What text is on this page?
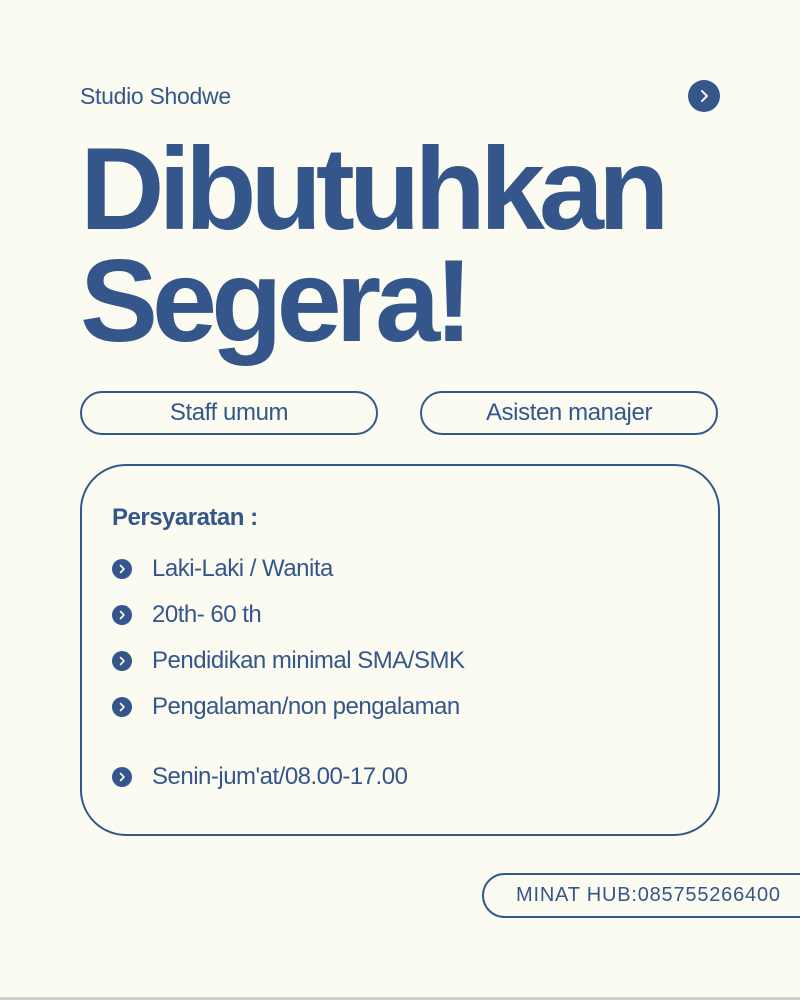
Studio Shodwe
Dibutuhkan
Segera!
Staff umum	Asisten manajer
Persyaratan :
Laki-Laki / Wanita
20th- 60 th
Pendidikan minimal SMA/SMK
Pengalaman/non pengalaman
Senin-jum'at/08.00-17.00
MINAT HUB:085755266400
